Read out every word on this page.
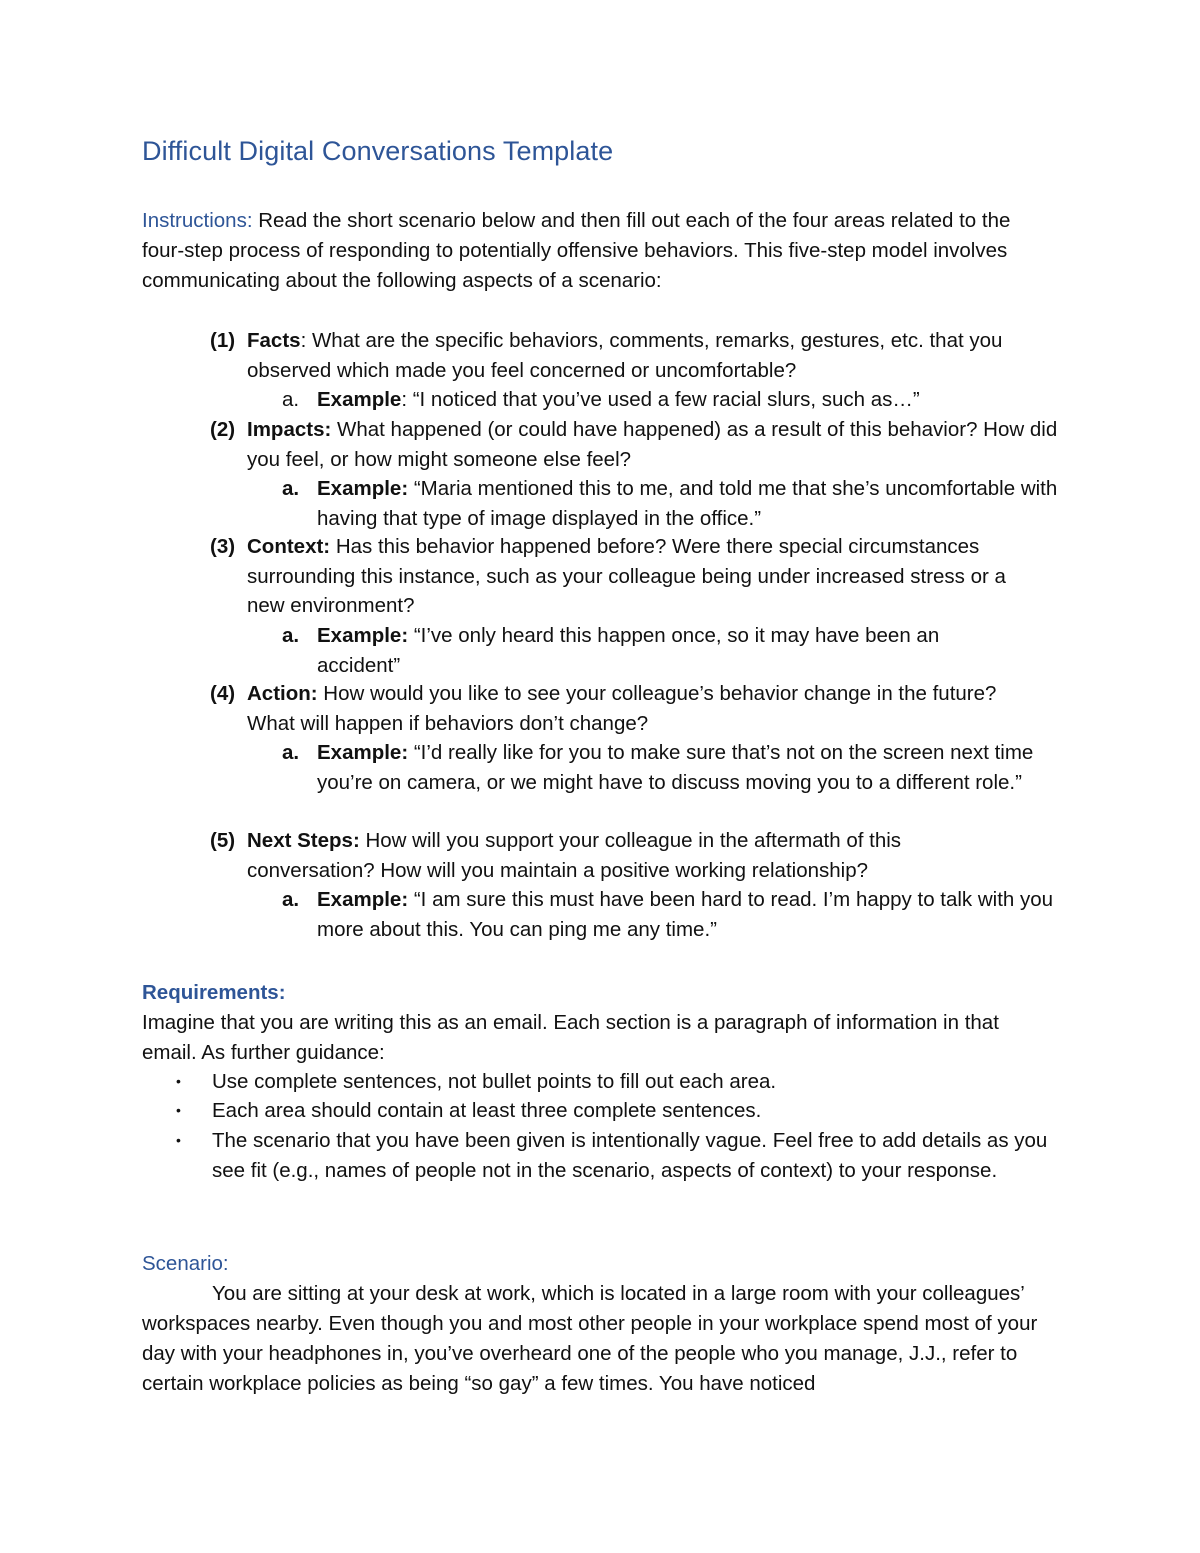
Difficult Digital Conversations Template
Instructions: Read the short scenario below and then fill out each of the four areas related to the four-step process of responding to potentially offensive behaviors. This five-step model involves communicating about the following aspects of a scenario:
(1) Facts: What are the specific behaviors, comments, remarks, gestures, etc. that you observed which made you feel concerned or uncomfortable?
a. Example: “I noticed that you’ve used a few racial slurs, such as…”
(2) Impacts: What happened (or could have happened) as a result of this behavior? How did you feel, or how might someone else feel?
a. Example: “Maria mentioned this to me, and told me that she’s uncomfortable with having that type of image displayed in the office.”
(3) Context: Has this behavior happened before? Were there special circumstances surrounding this instance, such as your colleague being under increased stress or a new environment?
a. Example: “I’ve only heard this happen once, so it may have been an accident”
(4) Action: How would you like to see your colleague’s behavior change in the future? What will happen if behaviors don’t change?
a. Example: “I’d really like for you to make sure that’s not on the screen next time you’re on camera, or we might have to discuss moving you to a different role.”
(5) Next Steps: How will you support your colleague in the aftermath of this conversation? How will you maintain a positive working relationship?
a. Example: “I am sure this must have been hard to read. I’m happy to talk with you more about this. You can ping me any time.”
Requirements:
Imagine that you are writing this as an email. Each section is a paragraph of information in that email. As further guidance:
• Use complete sentences, not bullet points to fill out each area.
• Each area should contain at least three complete sentences.
• The scenario that you have been given is intentionally vague. Feel free to add details as you see fit (e.g., names of people not in the scenario, aspects of context) to your response.
Scenario:
You are sitting at your desk at work, which is located in a large room with your colleagues’ workspaces nearby. Even though you and most other people in your workplace spend most of your day with your headphones in, you’ve overheard one of the people who you manage, J.J., refer to certain workplace policies as being “so gay” a few times. You have noticed
